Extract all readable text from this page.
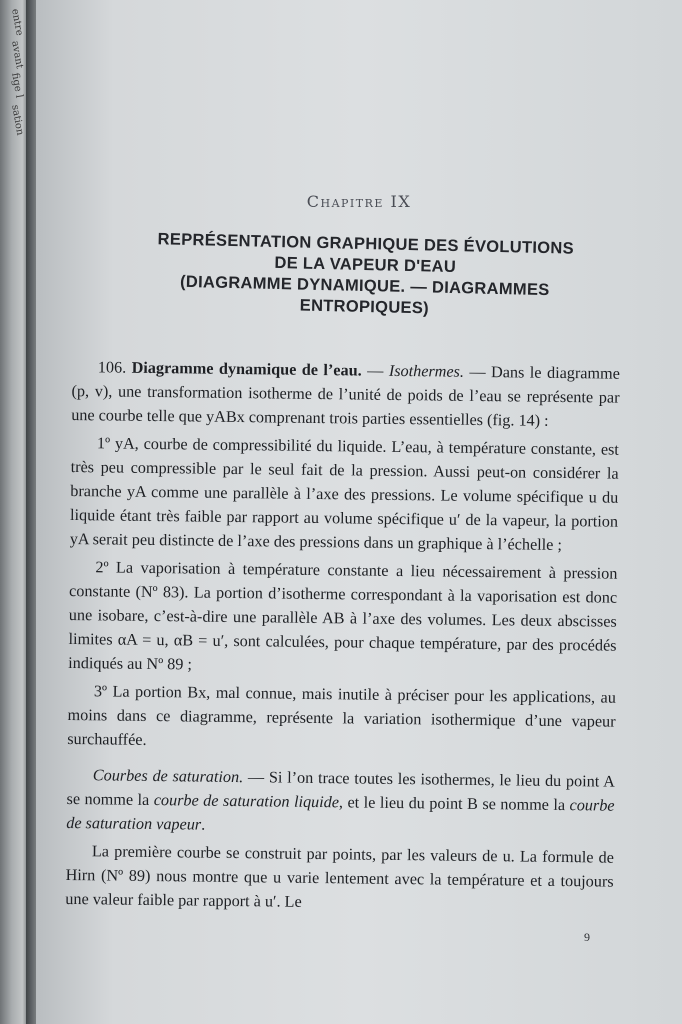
entre
avant
fige l
sation
Chapitre IX
REPRÉSENTATION GRAPHIQUE DES ÉVOLUTIONS
DE LA VAPEUR D'EAU
(DIAGRAMME DYNAMIQUE. — DIAGRAMMES
ENTROPIQUES)

106. Diagramme dynamique de l’eau. — Isothermes. — Dans le diagramme (p, v), une transformation isotherme de l’unité de poids de l’eau se représente par une courbe telle que yABx comprenant trois parties essentielles (fig. 14) :

1º yA, courbe de compressibilité du liquide. L’eau, à température constante, est très peu compressible par le seul fait de la pression. Aussi peut-on considérer la branche yA comme une parallèle à l’axe des pressions. Le volume spécifique u du liquide étant très faible par rapport au volume spécifique u′ de la vapeur, la portion yA serait peu distincte de l’axe des pressions dans un graphique à l’échelle ;

2º La vaporisation à température constante a lieu nécessairement à pression constante (Nº 83). La portion d’isotherme correspondant à la vaporisation est donc une isobare, c’est-à-dire une parallèle AB à l’axe des volumes. Les deux abscisses limites αA = u, αB = u′, sont calculées, pour chaque température, par des procédés indiqués au Nº 89 ;

3º La portion Bx, mal connue, mais inutile à préciser pour les applications, au moins dans ce diagramme, représente la variation isothermique d’une vapeur surchauffée.

Courbes de saturation. — Si l’on trace toutes les isothermes, le lieu du point A se nomme la courbe de saturation liquide, et le lieu du point B se nomme la courbe de saturation vapeur.

La première courbe se construit par points, par les valeurs de u. La formule de Hirn (Nº 89) nous montre que u varie lentement avec la température et a toujours une valeur faible par rapport à u′. Le

9
